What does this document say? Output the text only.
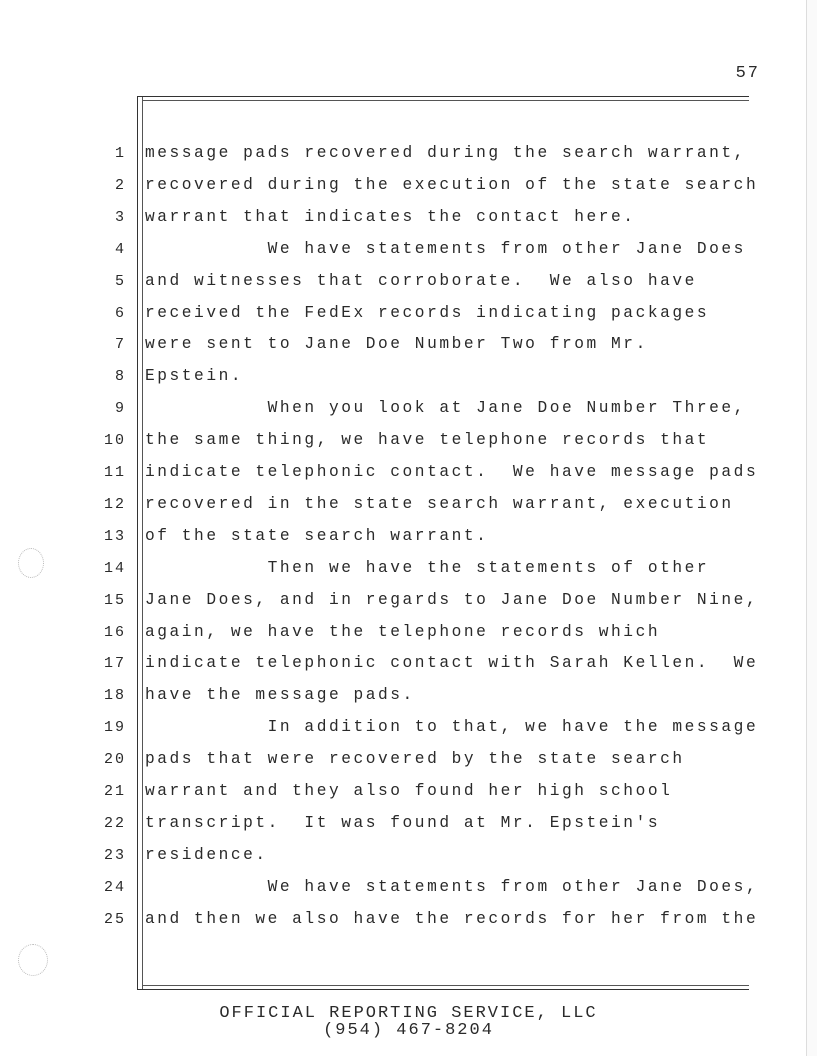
57
1 message pads recovered during the search warrant,
2 recovered during the execution of the state search
3 warrant that indicates the contact here.
4 We have statements from other Jane Does
5 and witnesses that corroborate.  We also have
6 received the FedEx records indicating packages
7 were sent to Jane Doe Number Two from Mr.
8 Epstein.
9 When you look at Jane Doe Number Three,
10 the same thing, we have telephone records that
11 indicate telephonic contact.  We have message pads
12 recovered in the state search warrant, execution
13 of the state search warrant.
14 Then we have the statements of other
15 Jane Does, and in regards to Jane Doe Number Nine,
16 again, we have the telephone records which
17 indicate telephonic contact with Sarah Kellen.  We
18 have the message pads.
19 In addition to that, we have the message
20 pads that were recovered by the state search
21 warrant and they also found her high school
22 transcript.  It was found at Mr. Epstein's
23 residence.
24 We have statements from other Jane Does,
25 and then we also have the records for her from the
OFFICIAL REPORTING SERVICE, LLC
(954) 467-8204
